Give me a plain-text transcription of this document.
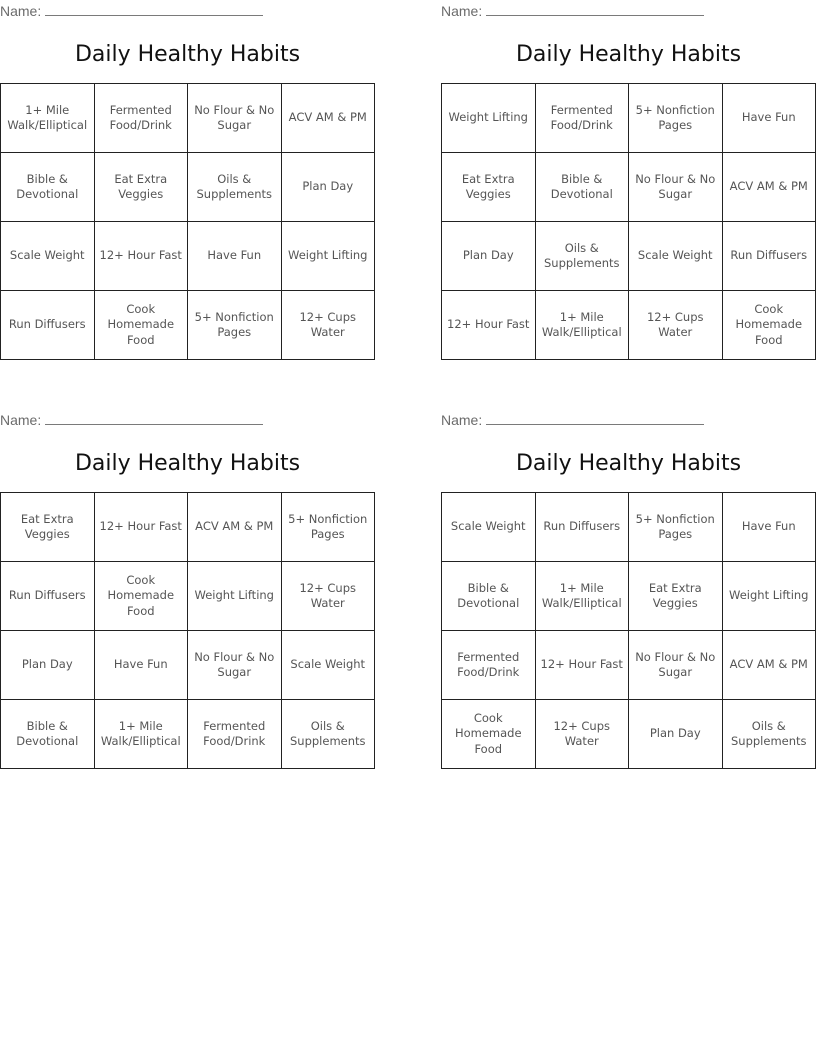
Name:
Daily Healthy Habits
1+ Mile Walk/Elliptical	Fermented Food/Drink	No Flour & No Sugar	ACV AM & PM
Bible & Devotional	Eat Extra Veggies	Oils & Supplements	Plan Day
Scale Weight	12+ Hour Fast	Have Fun	Weight Lifting
Run Diffusers	Cook Homemade Food	5+ Nonfiction Pages	12+ Cups Water
Name:
Daily Healthy Habits
Weight Lifting	Fermented Food/Drink	5+ Nonfiction Pages	Have Fun
Eat Extra Veggies	Bible & Devotional	No Flour & No Sugar	ACV AM & PM
Plan Day	Oils & Supplements	Scale Weight	Run Diffusers
12+ Hour Fast	1+ Mile Walk/Elliptical	12+ Cups Water	Cook Homemade Food
Name:
Daily Healthy Habits
Eat Extra Veggies	12+ Hour Fast	ACV AM & PM	5+ Nonfiction Pages
Run Diffusers	Cook Homemade Food	Weight Lifting	12+ Cups Water
Plan Day	Have Fun	No Flour & No Sugar	Scale Weight
Bible & Devotional	1+ Mile Walk/Elliptical	Fermented Food/Drink	Oils & Supplements
Name:
Daily Healthy Habits
Scale Weight	Run Diffusers	5+ Nonfiction Pages	Have Fun
Bible & Devotional	1+ Mile Walk/Elliptical	Eat Extra Veggies	Weight Lifting
Fermented Food/Drink	12+ Hour Fast	No Flour & No Sugar	ACV AM & PM
Cook Homemade Food	12+ Cups Water	Plan Day	Oils & Supplements
